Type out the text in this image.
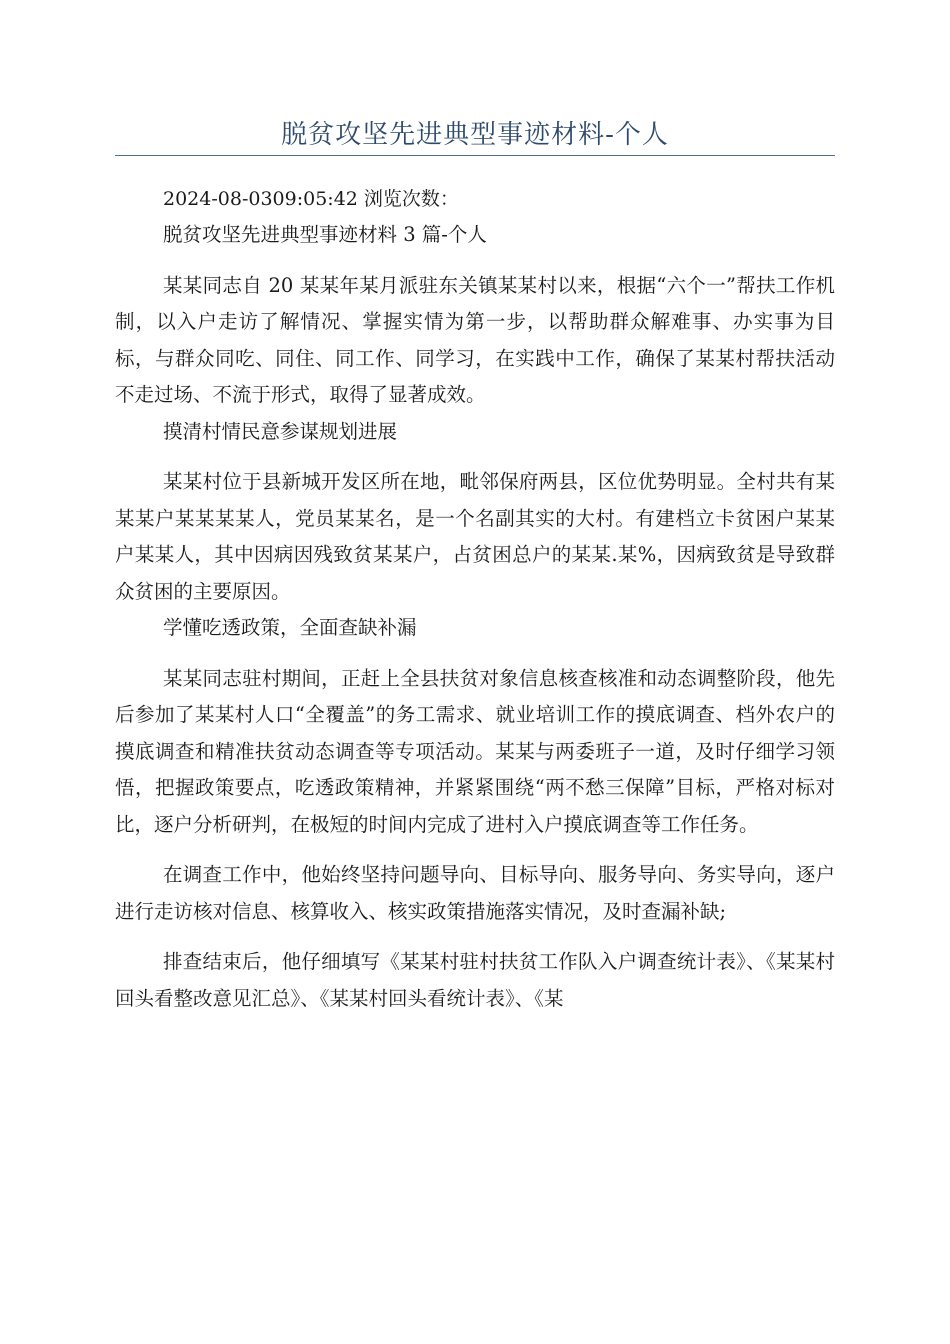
脱贫攻坚先进典型事迹材料-个人

2024-08-0309:05:42 浏览次数：

脱贫攻坚先进典型事迹材料 3 篇-个人

某某同志自 20 某某年某月派驻东关镇某某村以来，根据“六个一”帮扶工作机制，以入户走访了解情况、掌握实情为第一步，以帮助群众解难事、办实事为目标，与群众同吃、同住、同工作、同学习，在实践中工作，确保了某某村帮扶活动不走过场、不流于形式，取得了显著成效。

摸清村情民意参谋规划进展

某某村位于县新城开发区所在地，毗邻保府两县，区位优势明显。全村共有某某某户某某某某人，党员某某名，是一个名副其实的大村。有建档立卡贫困户某某户某某人，其中因病因残致贫某某户，占贫困总户的某某.某%，因病致贫是导致群众贫困的主要原因。

学懂吃透政策，全面查缺补漏

某某同志驻村期间，正赶上全县扶贫对象信息核查核准和动态调整阶段，他先后参加了某某村人口“全覆盖”的务工需求、就业培训工作的摸底调查、档外农户的摸底调查和精准扶贫动态调查等专项活动。某某与两委班子一道，及时仔细学习领悟，把握政策要点，吃透政策精神，并紧紧围绕“两不愁三保障”目标，严格对标对比，逐户分析研判，在极短的时间内完成了进村入户摸底调查等工作任务。

在调查工作中，他始终坚持问题导向、目标导向、服务导向、务实导向，逐户进行走访核对信息、核算收入、核实政策措施落实情况，及时查漏补缺;

排查结束后，他仔细填写《某某村驻村扶贫工作队入户调查统计表》、《某某村回头看整改意见汇总》、《某某村回头看统计表》、《某
